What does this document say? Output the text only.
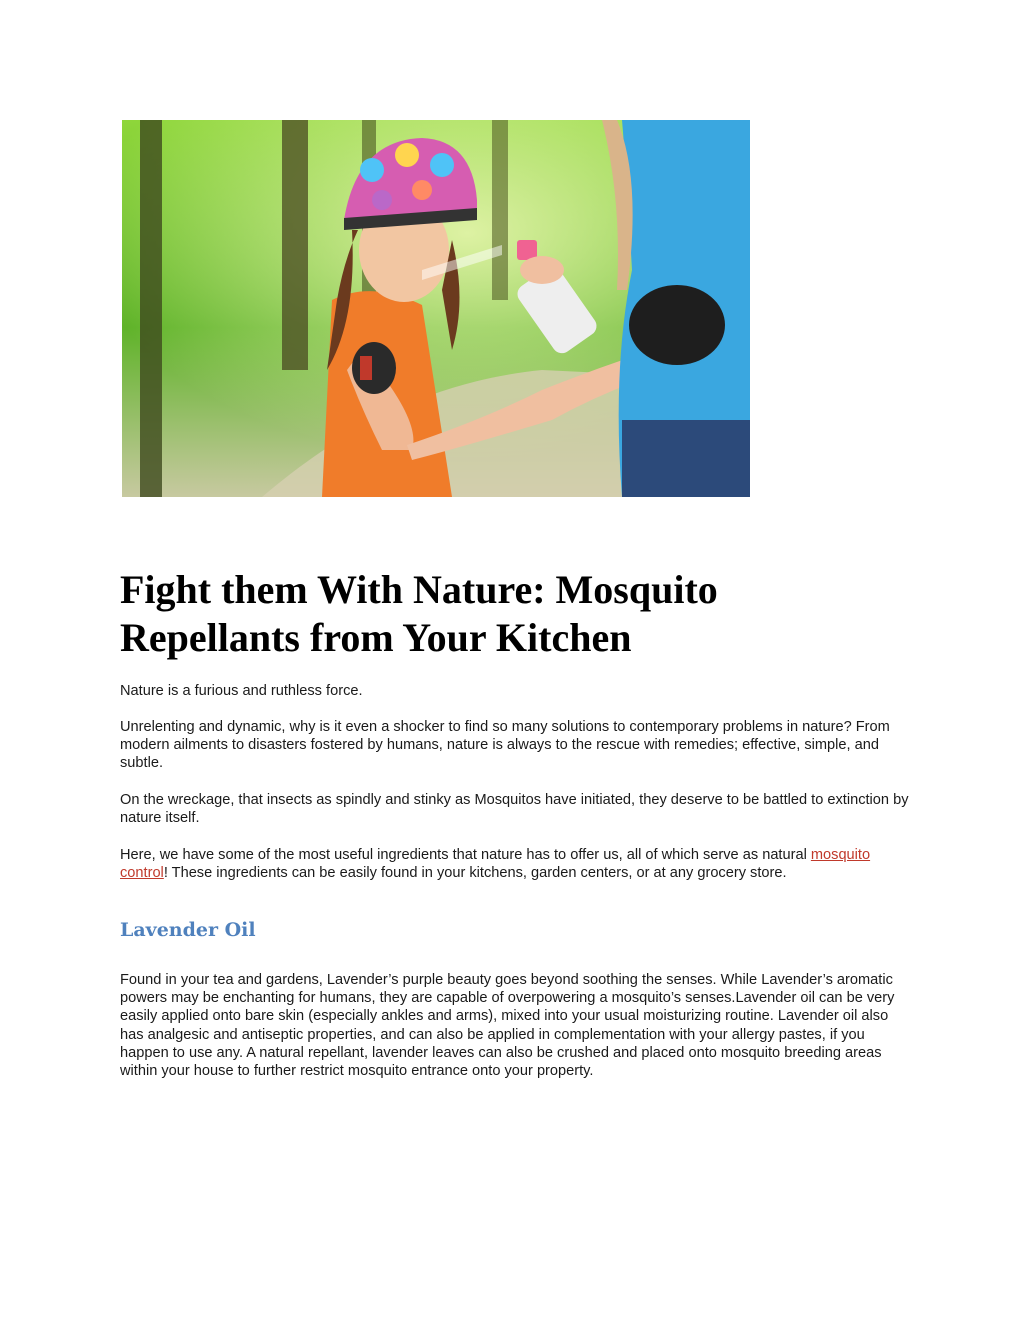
Fight them With Nature: Mosquito Repellants from Your Kitchen

Nature is a furious and ruthless force.

Unrelenting and dynamic, why is it even a shocker to find so many solutions to contemporary problems in nature? From modern ailments to disasters fostered by humans, nature is always to the rescue with remedies; effective, simple, and subtle.

On the wreckage, that insects as spindly and stinky as Mosquitos have initiated, they deserve to be battled to extinction by nature itself.

Here, we have some of the most useful ingredients that nature has to offer us, all of which serve as natural mosquito control! These ingredients can be easily found in your kitchens, garden centers, or at any grocery store.

Lavender Oil

Found in your tea and gardens, Lavender’s purple beauty goes beyond soothing the senses. While Lavender’s aromatic powers may be enchanting for humans, they are capable of overpowering a mosquito’s senses.Lavender oil can be very easily applied onto bare skin (especially ankles and arms), mixed into your usual moisturizing routine. Lavender oil also has analgesic and antiseptic properties, and can also be applied in complementation with your allergy pastes, if you happen to use any. A natural repellant, lavender leaves can also be crushed and placed onto mosquito breeding areas within your house to further restrict mosquito entrance onto your property.
